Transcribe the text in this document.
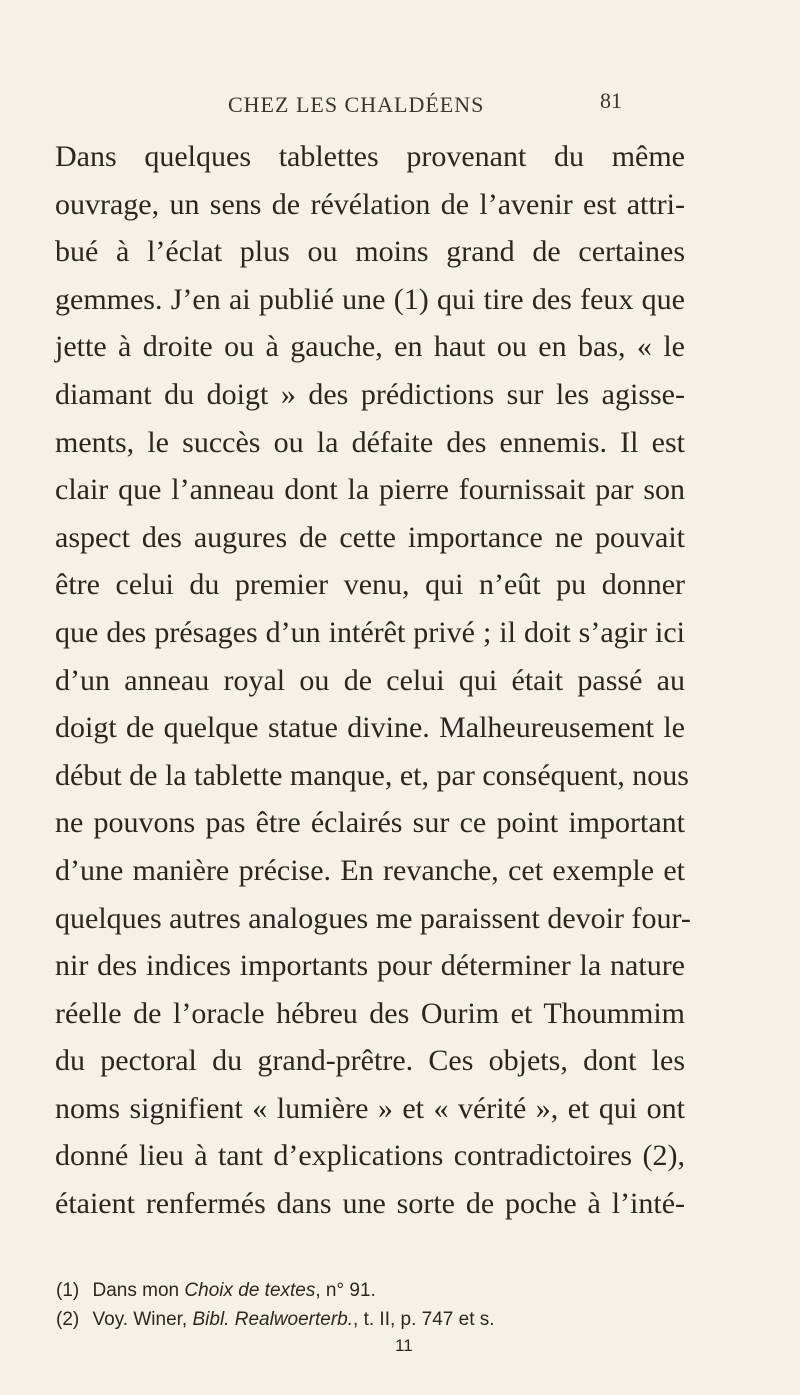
CHEZ LES CHALDÉENS	81
Dans quelques tablettes provenant du même
ouvrage, un sens de révélation de l’avenir est attri-
bué à l’éclat plus ou moins grand de certaines
gemmes. J’en ai publié une (1) qui tire des feux que
jette à droite ou à gauche, en haut ou en bas, « le
diamant du doigt » des prédictions sur les agisse-
ments, le succès ou la défaite des ennemis. Il est
clair que l’anneau dont la pierre fournissait par son
aspect des augures de cette importance ne pouvait
être celui du premier venu, qui n’eût pu donner
que des présages d’un intérêt privé ; il doit s’agir ici
d’un anneau royal ou de celui qui était passé au
doigt de quelque statue divine. Malheureusement le
début de la tablette manque, et, par conséquent, nous
ne pouvons pas être éclairés sur ce point important
d’une manière précise. En revanche, cet exemple et
quelques autres analogues me paraissent devoir four-
nir des indices importants pour déterminer la nature
réelle de l’oracle hébreu des Ourim et Thoummim
du pectoral du grand-prêtre. Ces objets, dont les
noms signifient « lumière » et « vérité », et qui ont
donné lieu à tant d’explications contradictoires (2),
étaient renfermés dans une sorte de poche à l’inté-
(1) Dans mon Choix de textes, n° 91.
(2) Voy. Winer, Bibl. Realwoerterb., t. II, p. 747 et s.
11
